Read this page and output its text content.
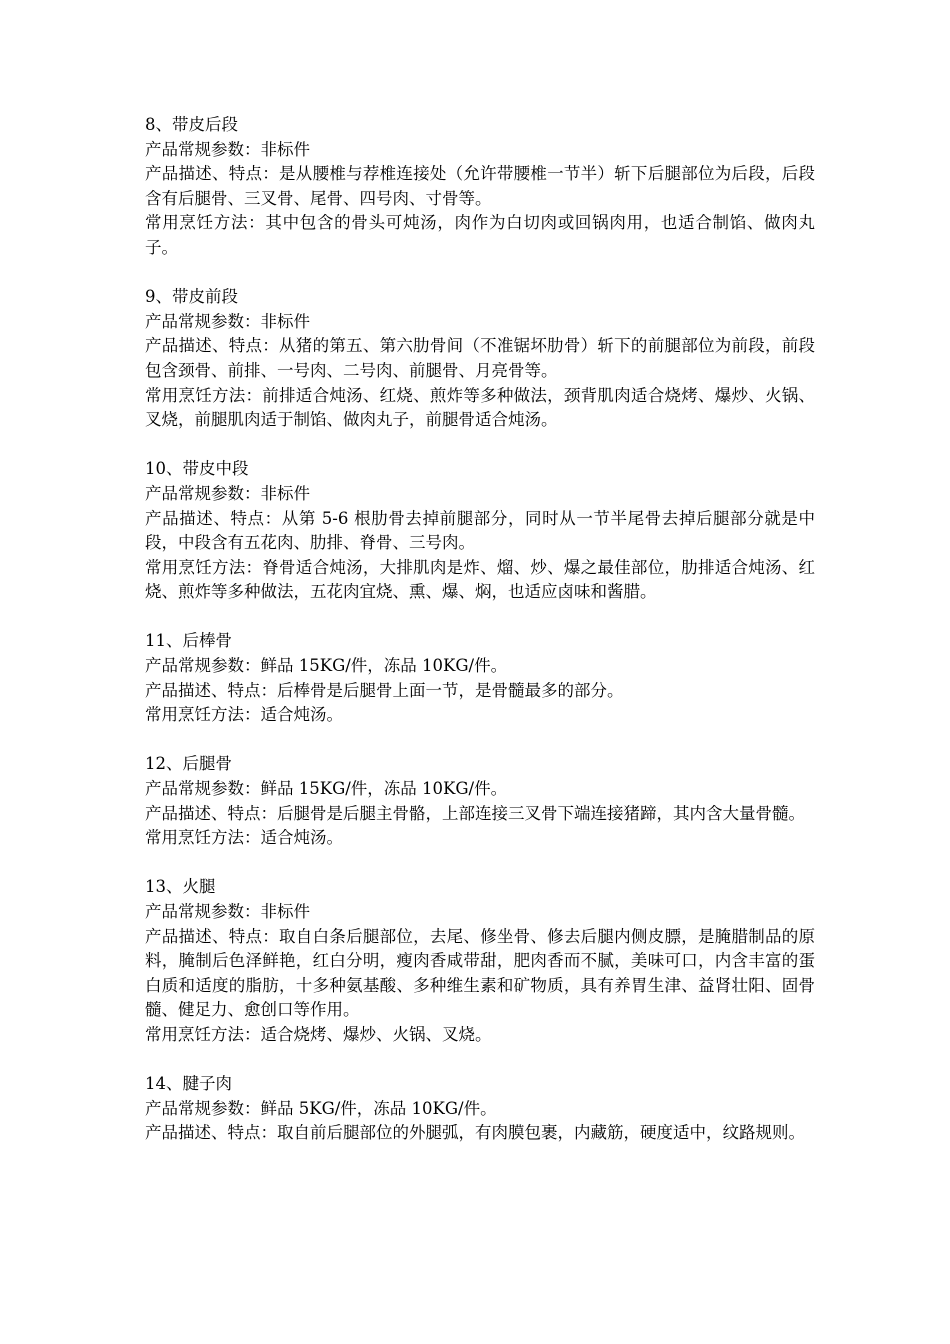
8、带皮后段
产品常规参数：非标件
产品描述、特点：是从腰椎与荐椎连接处（允许带腰椎一节半）斩下后腿部位为后段，后段含有后腿骨、三叉骨、尾骨、四号肉、寸骨等。
常用烹饪方法：其中包含的骨头可炖汤，肉作为白切肉或回锅肉用，也适合制馅、做肉丸子。
9、带皮前段
产品常规参数：非标件
产品描述、特点：从猪的第五、第六肋骨间（不准锯坏肋骨）斩下的前腿部位为前段，前段包含颈骨、前排、一号肉、二号肉、前腿骨、月亮骨等。
常用烹饪方法：前排适合炖汤、红烧、煎炸等多种做法，颈背肌肉适合烧烤、爆炒、火锅、叉烧，前腿肌肉适于制馅、做肉丸子，前腿骨适合炖汤。
10、带皮中段
产品常规参数：非标件
产品描述、特点：从第 5-6 根肋骨去掉前腿部分，同时从一节半尾骨去掉后腿部分就是中段，中段含有五花肉、肋排、脊骨、三号肉。
常用烹饪方法：脊骨适合炖汤，大排肌肉是炸、熘、炒、爆之最佳部位，肋排适合炖汤、红烧、煎炸等多种做法，五花肉宜烧、熏、爆、焖，也适应卤味和酱腊。
11、后棒骨
产品常规参数：鲜品 15KG/件，冻品 10KG/件。
产品描述、特点：后棒骨是后腿骨上面一节，是骨髓最多的部分。
常用烹饪方法：适合炖汤。
12、后腿骨
产品常规参数：鲜品 15KG/件，冻品 10KG/件。
产品描述、特点：后腿骨是后腿主骨骼，上部连接三叉骨下端连接猪蹄，其内含大量骨髓。
常用烹饪方法：适合炖汤。
13、火腿
产品常规参数：非标件
产品描述、特点：取自白条后腿部位，去尾、修坐骨、修去后腿内侧皮膘，是腌腊制品的原料，腌制后色泽鲜艳，红白分明，瘦肉香咸带甜，肥肉香而不腻，美味可口，内含丰富的蛋白质和适度的脂肪，十多种氨基酸、多种维生素和矿物质，具有养胃生津、益肾壮阳、固骨髓、健足力、愈创口等作用。
常用烹饪方法：适合烧烤、爆炒、火锅、叉烧。
14、腱子肉
产品常规参数：鲜品 5KG/件，冻品 10KG/件。
产品描述、特点：取自前后腿部位的外腿弧，有肉膜包裹，内藏筋，硬度适中，纹路规则。
